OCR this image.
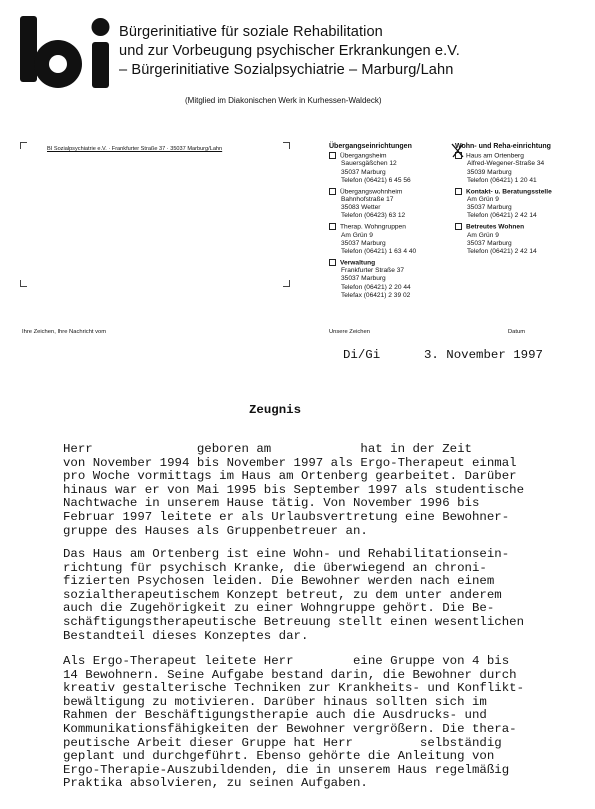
Bürgerinitiative für soziale Rehabilitation
und zur Vorbeugung psychischer Erkrankungen e.V.
– Bürgerinitiative Sozialpsychiatrie – Marburg/Lahn
(Mitglied im Diakonischen Werk in Kurhessen-Waldeck)
BI Sozialpsychiatrie e.V. · Frankfurter Straße 37 · 35037 Marburg/Lahn	Übergangseinrichtungen
Übergangsheim
Sauersgäßchen 12
35037 Marburg
Telefon (06421) 6 45 56
Übergangswohnheim
Bahnhofstraße 17
35083 Wetter
Telefon (06423) 63 12
Therap. Wohngruppen
Am Grün 9
35037 Marburg
Telefon (06421) 1 63 4 40
Verwaltung
Frankfurter Straße 37
35037 Marburg
Telefon (06421) 2 20 44
Telefax (06421) 2 39 02
Wohn- und Reha-einrichtung
Haus am Ortenberg
Alfred-Wegener-Straße 34
35039 Marburg
Telefon (06421) 1 20 41
Kontakt- u. Beratungsstelle
Am Grün 9
35037 Marburg
Telefon (06421) 2 42 14
Betreutes Wohnen
Am Grün 9
35037 Marburg
Telefon (06421) 2 42 14
Ihre Zeichen, Ihre Nachricht vom	Unsere Zeichen	Datum
Di/Gi	3. November 1997
Zeugnis
Herr              geboren am            hat in der Zeit
von November 1994 bis November 1997 als Ergo-Therapeut einmal
pro Woche vormittags im Haus am Ortenberg gearbeitet. Darüber
hinaus war er von Mai 1995 bis September 1997 als studentische
Nachtwache in unserem Hause tätig. Von November 1996 bis
Februar 1997 leitete er als Urlaubsvertretung eine Bewohner-
gruppe des Hauses als Gruppenbetreuer an.
Das Haus am Ortenberg ist eine Wohn- und Rehabilitationsein-
richtung für psychisch Kranke, die überwiegend an chroni-
fizierten Psychosen leiden. Die Bewohner werden nach einem
sozialtherapeutischem Konzept betreut, zu dem unter anderem
auch die Zugehörigkeit zu einer Wohngruppe gehört. Die Be-
schäftigungstherapeutische Betreuung stellt einen wesentlichen
Bestandteil dieses Konzeptes dar.
Als Ergo-Therapeut leitete Herr        eine Gruppe von 4 bis
14 Bewohnern. Seine Aufgabe bestand darin, die Bewohner durch
kreativ gestalterische Techniken zur Krankheits- und Konflikt-
bewältigung zu motivieren. Darüber hinaus sollten sich im
Rahmen der Beschäftigungstherapie auch die Ausdrucks- und
Kommunikationsfähigkeiten der Bewohner vergrößern. Die thera-
peutische Arbeit dieser Gruppe hat Herr         selbständig
geplant und durchgeführt. Ebenso gehörte die Anleitung von
Ergo-Therapie-Auszubildenden, die in unserem Haus regelmäßig
Praktika absolvieren, zu seinen Aufgaben.
